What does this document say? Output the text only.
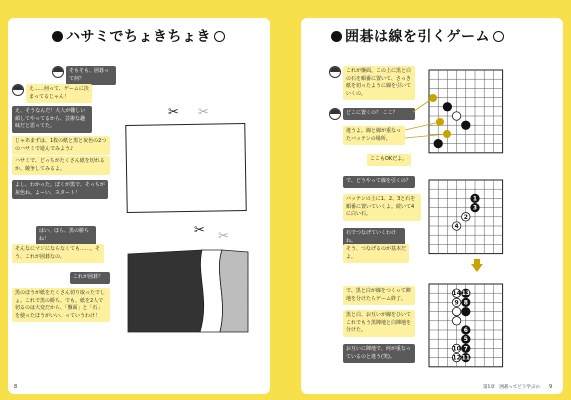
ハサミでちょきちょき
そもそも、囲碁って何？
え……何って、ゲームに決まってるじゃん！
え、そうなんだ！大人が難しい顔してやってるから、芸術な趣味だと思ってた。
じゃあまずは、1枚の紙と黒と灰色の2つのハサミで遊んでみよう♪
ハサミで、どっちがたくさん紙を切れるか、競争してみるよ。
よし、わかった。ぼくが黒で、そっちが灰色ね。よーい、スタート！
✂ ✂
はい、ほら、黒の勝ちね！
そんなにマジにならなくても……。そう、これが囲碁なの。
これが囲碁？
黒のほうが紙をたくさん切り取ったでしょ。これで黒の勝ち。でも、紙を2人で切るのは大変だから、「盤面」と「石」を使ったほうがいい、っていうわけ！
✂ ✂
8
囲碁は線を引くゲーム
これが盤面。この上に黒と白の石を順番に置いて、さっき紙を切ったように線を引いていくの。
どこに置くの？ ここ？
違うよ。線と線が重なったバッテンの場所。
ここもOKだよ。
で、どうやって線を引くの？
バッテンの上に1、2、3と石を順番に置いていくよ。続いて4に白い石。
石でつなげていくわけね。
そう、つなげるのが基本だよ。
1
2
3
4
で、黒と白が線をつくって陣地を分けたらゲーム終了。
黒と白、お互いが線をひいてこれでもう黒陣地と白陣地を分けた。
お互いに陣地で、何が重なっているのと違う(笑)。
14 13
9 8
6
5
10 7
12 11
第1章　囲碁ってどう学ぶの 9
